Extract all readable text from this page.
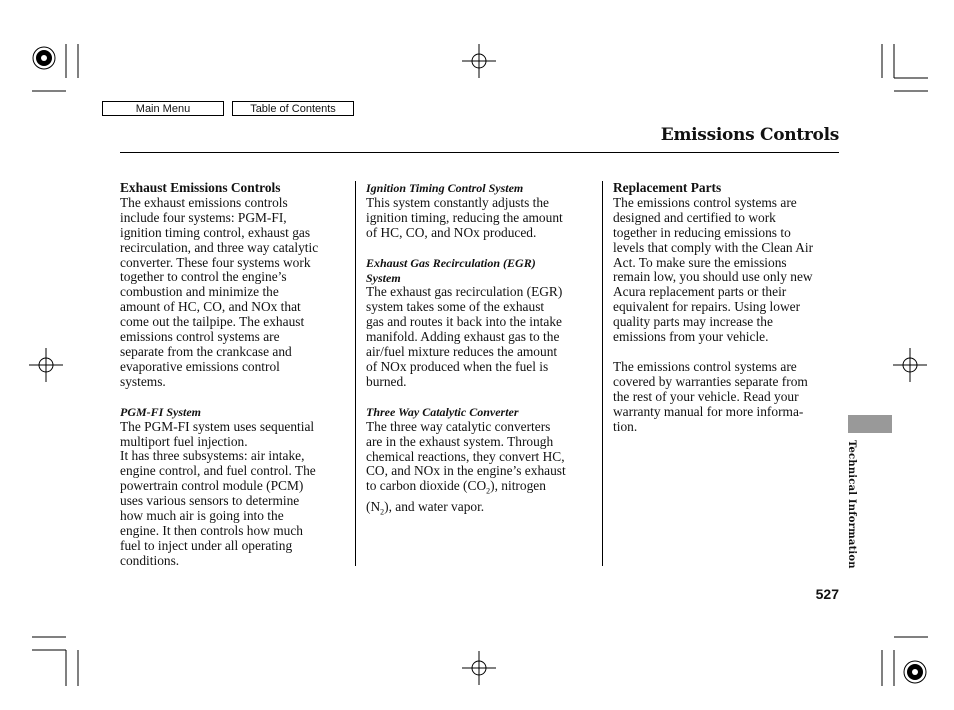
Main Menu	Table of Contents
Emissions Controls

Exhaust Emissions Controls

The exhaust emissions controls

include four systems: PGM-FI,

ignition timing control, exhaust gas

recirculation, and three way catalytic

converter. These four systems work

together to control the engine’s

combustion and minimize the

amount of HC, CO, and NOx that

come out the tailpipe. The exhaust

emissions control systems are

separate from the crankcase and

evaporative emissions control

systems.

PGM-FI System

The PGM-FI system uses sequential

multiport fuel injection.

It has three subsystems: air intake,

engine control, and fuel control. The

powertrain control module (PCM)

uses various sensors to determine

how much air is going into the

engine. It then controls how much

fuel to inject under all operating

conditions.

Ignition Timing Control System

This system constantly adjusts the

ignition timing, reducing the amount

of HC, CO, and NOx produced.

Exhaust Gas Recirculation (EGR)

System

The exhaust gas recirculation (EGR)

system takes some of the exhaust

gas and routes it back into the intake

manifold. Adding exhaust gas to the

air/fuel mixture reduces the amount

of NOx produced when the fuel is

burned.

Three Way Catalytic Converter

The three way catalytic converters

are in the exhaust system. Through

chemical reactions, they convert HC,

CO, and NOx in the engine’s exhaust

to carbon dioxide $(CO_2)$, nitrogen

$(N_2)$, and water vapor.

Replacement Parts

The emissions control systems are

designed and certified to work

together in reducing emissions to

levels that comply with the Clean Air

Act. To make sure the emissions

remain low, you should use only new

Acura replacement parts or their

equivalent for repairs. Using lower

quality parts may increase the

emissions from your vehicle.

The emissions control systems are

covered by warranties separate from

the rest of your vehicle. Read your

warranty manual for more informa-

tion.

Technical Information
527
